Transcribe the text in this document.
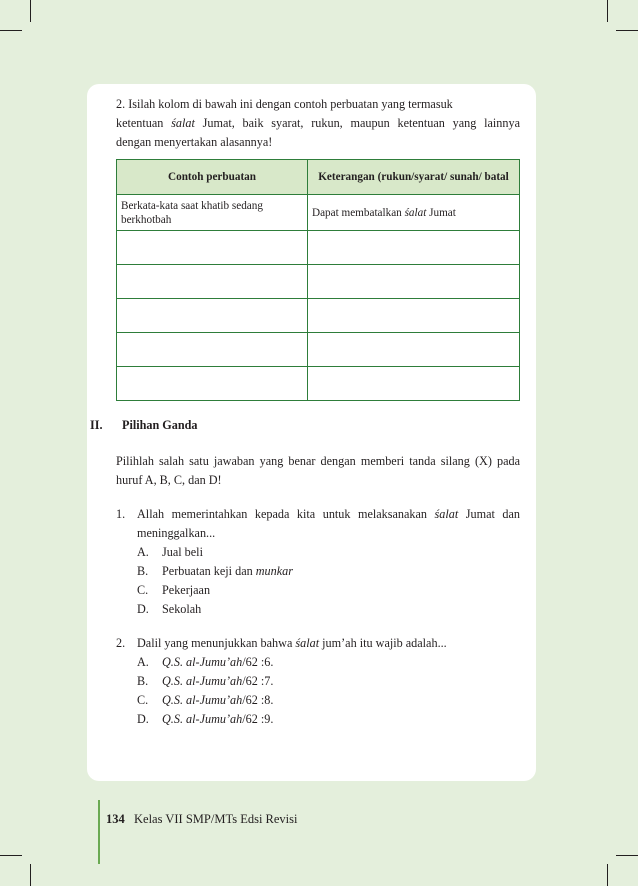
2. Isilah kolom di bawah ini dengan contoh perbuatan yang termasuk
ketentuan śalat Jumat, baik syarat, rukun, maupun ketentuan yang lainnya
dengan menyertakan alasannya!
Contoh perbuatan	Keterangan (rukun/syarat/ sunah/ batal
Berkata-kata saat khatib sedang berkhotbah	Dapat membatalkan śalat Jumat

II. Pilihan Ganda
Pilihlah salah satu jawaban yang benar dengan memberi tanda silang (X) pada
huruf A, B, C, dan D!
1. Allah memerintahkan kepada kita untuk melaksanakan śalat Jumat dan
meninggalkan...
A. Jual beli
B. Perbuatan keji dan munkar
C. Pekerjaan
D. Sekolah
2. Dalil yang menunjukkan bahwa śalat jum’ah itu wajib adalah...
A. Q.S. al-Jumu’ah/62 :6.
B. Q.S. al-Jumu’ah/62 :7.
C. Q.S. al-Jumu’ah/62 :8.
D. Q.S. al-Jumu’ah/62 :9.
134 Kelas VII SMP/MTs Edsi Revisi
